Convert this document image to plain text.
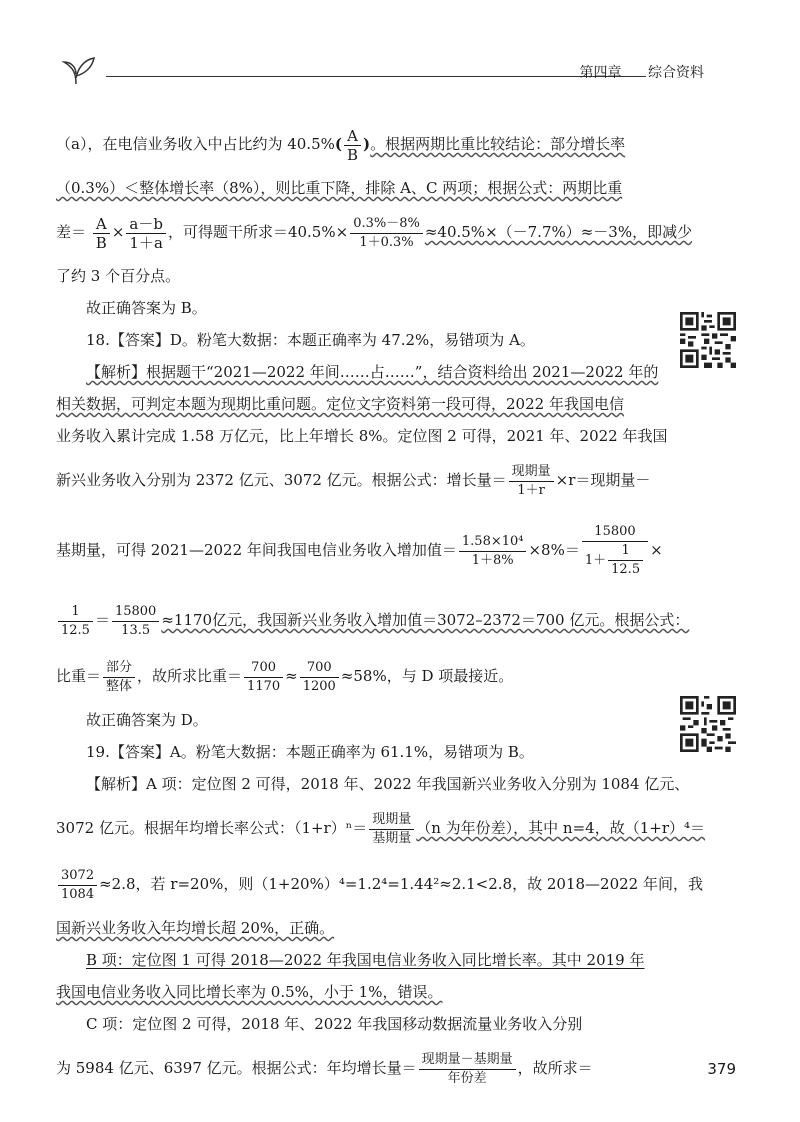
第四章 综合资料
（a），在电信业务收入中占比约为 $40.5\%( \frac{A}{B}$ )。根据两期比重比较结论：部分增长率
（0.3%）＜整体增长率（8%），则比重下降，排除 A、C 两项；根据公式：两期比重
差＝ $\frac{A}{B} \times \frac{a-b}{1+a}$ ，可得题干所求$=40.5\%\times \frac{0.3\%-8\%}{1+0.3\%} \approx 40.5\%\times(-7.7\%)\approx-3\%$，即减少
了约 3 个百分点。
故正确答案为 B。
18.【答案】D。粉笔大数据：本题正确率为 47.2%，易错项为 A。
【解析】根据题干“2021—2022 年间……占……”，结合资料给出 2021—2022 年的
相关数据，可判定本题为现期比重问题。定位文字资料第一段可得，2022 年我国电信
业务收入累计完成 1.58 万亿元，比上年增长 8%。定位图 2 可得，2021 年、2022 年我国
新兴业务收入分别为 2372 亿元、3072 亿元。根据公式：增长量＝ $\frac{\text{现期量}}{1+r} \times r=$现期量－
基期量，可得 2021—2022 年间我国电信业务收入增加值＝ $\frac{\text{1.58×10⁴}}{1+8\%} \times 8\%= \frac{15800}{1+ \frac{1}{12.5}}$ ×
$\frac{1}{12.5} = \frac{15800}{13.5} \approx 1170$亿元，我国新兴业务收入增加值＝3072–2372＝700 亿元。根据公式：
比重＝ $\frac{\text{部分}}{\text{整体}}$ ，故所求比重＝ $\frac{700}{1170} \approx \frac{700}{1200} \approx 58\%$，与 D 项最接近。
故正确答案为 D。
19.【答案】A。粉笔大数据：本题正确率为 61.1%，易错项为 B。
【解析】A 项：定位图 2 可得，2018 年、2022 年我国新兴业务收入分别为 1084 亿元、
3072 亿元。根据年均增长率公式：$(1+r)^n= \frac{\text{现期量}}{\text{基期量}} (n$ 为年份差），其中 n=4，故（1+r）⁴＝
$\frac{3072}{1084} \approx 2.8$，若 r=20%，则（1+20%）⁴=1.2⁴=1.44²≈2.1<2.8，故 2018—2022 年间，我
国新兴业务收入年均增长超 20%，正确。
B 项：定位图 1 可得 2018—2022 年我国电信业务收入同比增长率。其中 2019 年
我国电信业务收入同比增长率为 0.5%，小于 1%，错误。
C 项：定位图 2 可得，2018 年、2022 年我国移动数据流量业务收入分别
为 5984 亿元、6397 亿元。根据公式：年均增长量＝ $\frac{\text{现期量－基期量}}{\text{年份差}}$ ，故所求＝	379
